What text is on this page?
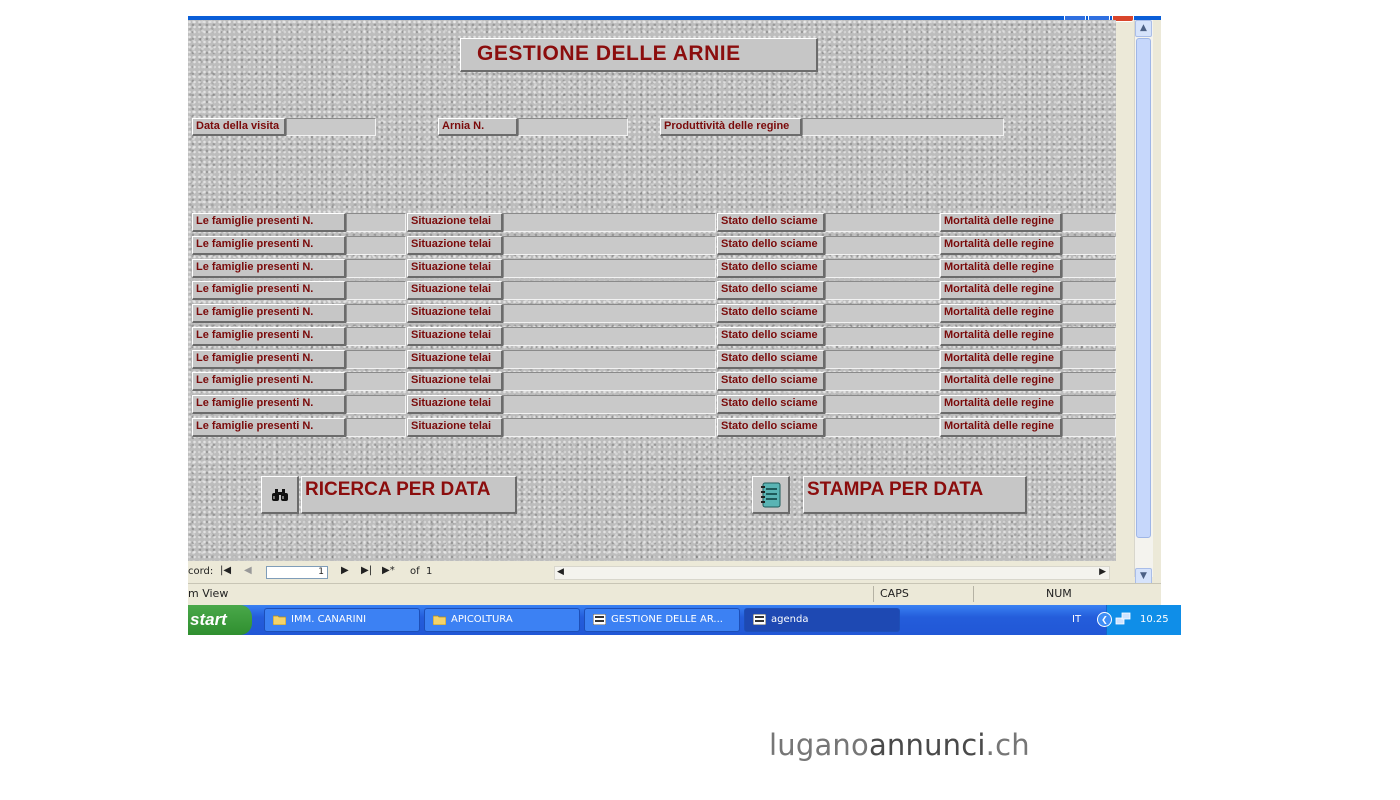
GESTIONE DELLE ARNIE
Data della visita	Arnia N.	Produttività delle regine
Le famiglie presenti N.	Situazione telai	Stato dello sciame	Mortalità delle regine
Le famiglie presenti N.	Situazione telai	Stato dello sciame	Mortalità delle regine
Le famiglie presenti N.	Situazione telai	Stato dello sciame	Mortalità delle regine
Le famiglie presenti N.	Situazione telai	Stato dello sciame	Mortalità delle regine
Le famiglie presenti N.	Situazione telai	Stato dello sciame	Mortalità delle regine
Le famiglie presenti N.	Situazione telai	Stato dello sciame	Mortalità delle regine
Le famiglie presenti N.	Situazione telai	Stato dello sciame	Mortalità delle regine
Le famiglie presenti N.	Situazione telai	Stato dello sciame	Mortalità delle regine
Le famiglie presenti N.	Situazione telai	Stato dello sciame	Mortalità delle regine
Le famiglie presenti N.	Situazione telai	Stato dello sciame	Mortalità delle regine
RICERCA PER DATA	STAMPA PER DATA
▲
▼
cord: |◀ ◀	1	▶ ▶| ▶* of 1	◀	▶
m View	CAPS	NUM
start	IMM. CANARINI	APICOLTURA	GESTIONE DELLE AR...	agenda	IT	❮	10.25
luganoannunci.ch
